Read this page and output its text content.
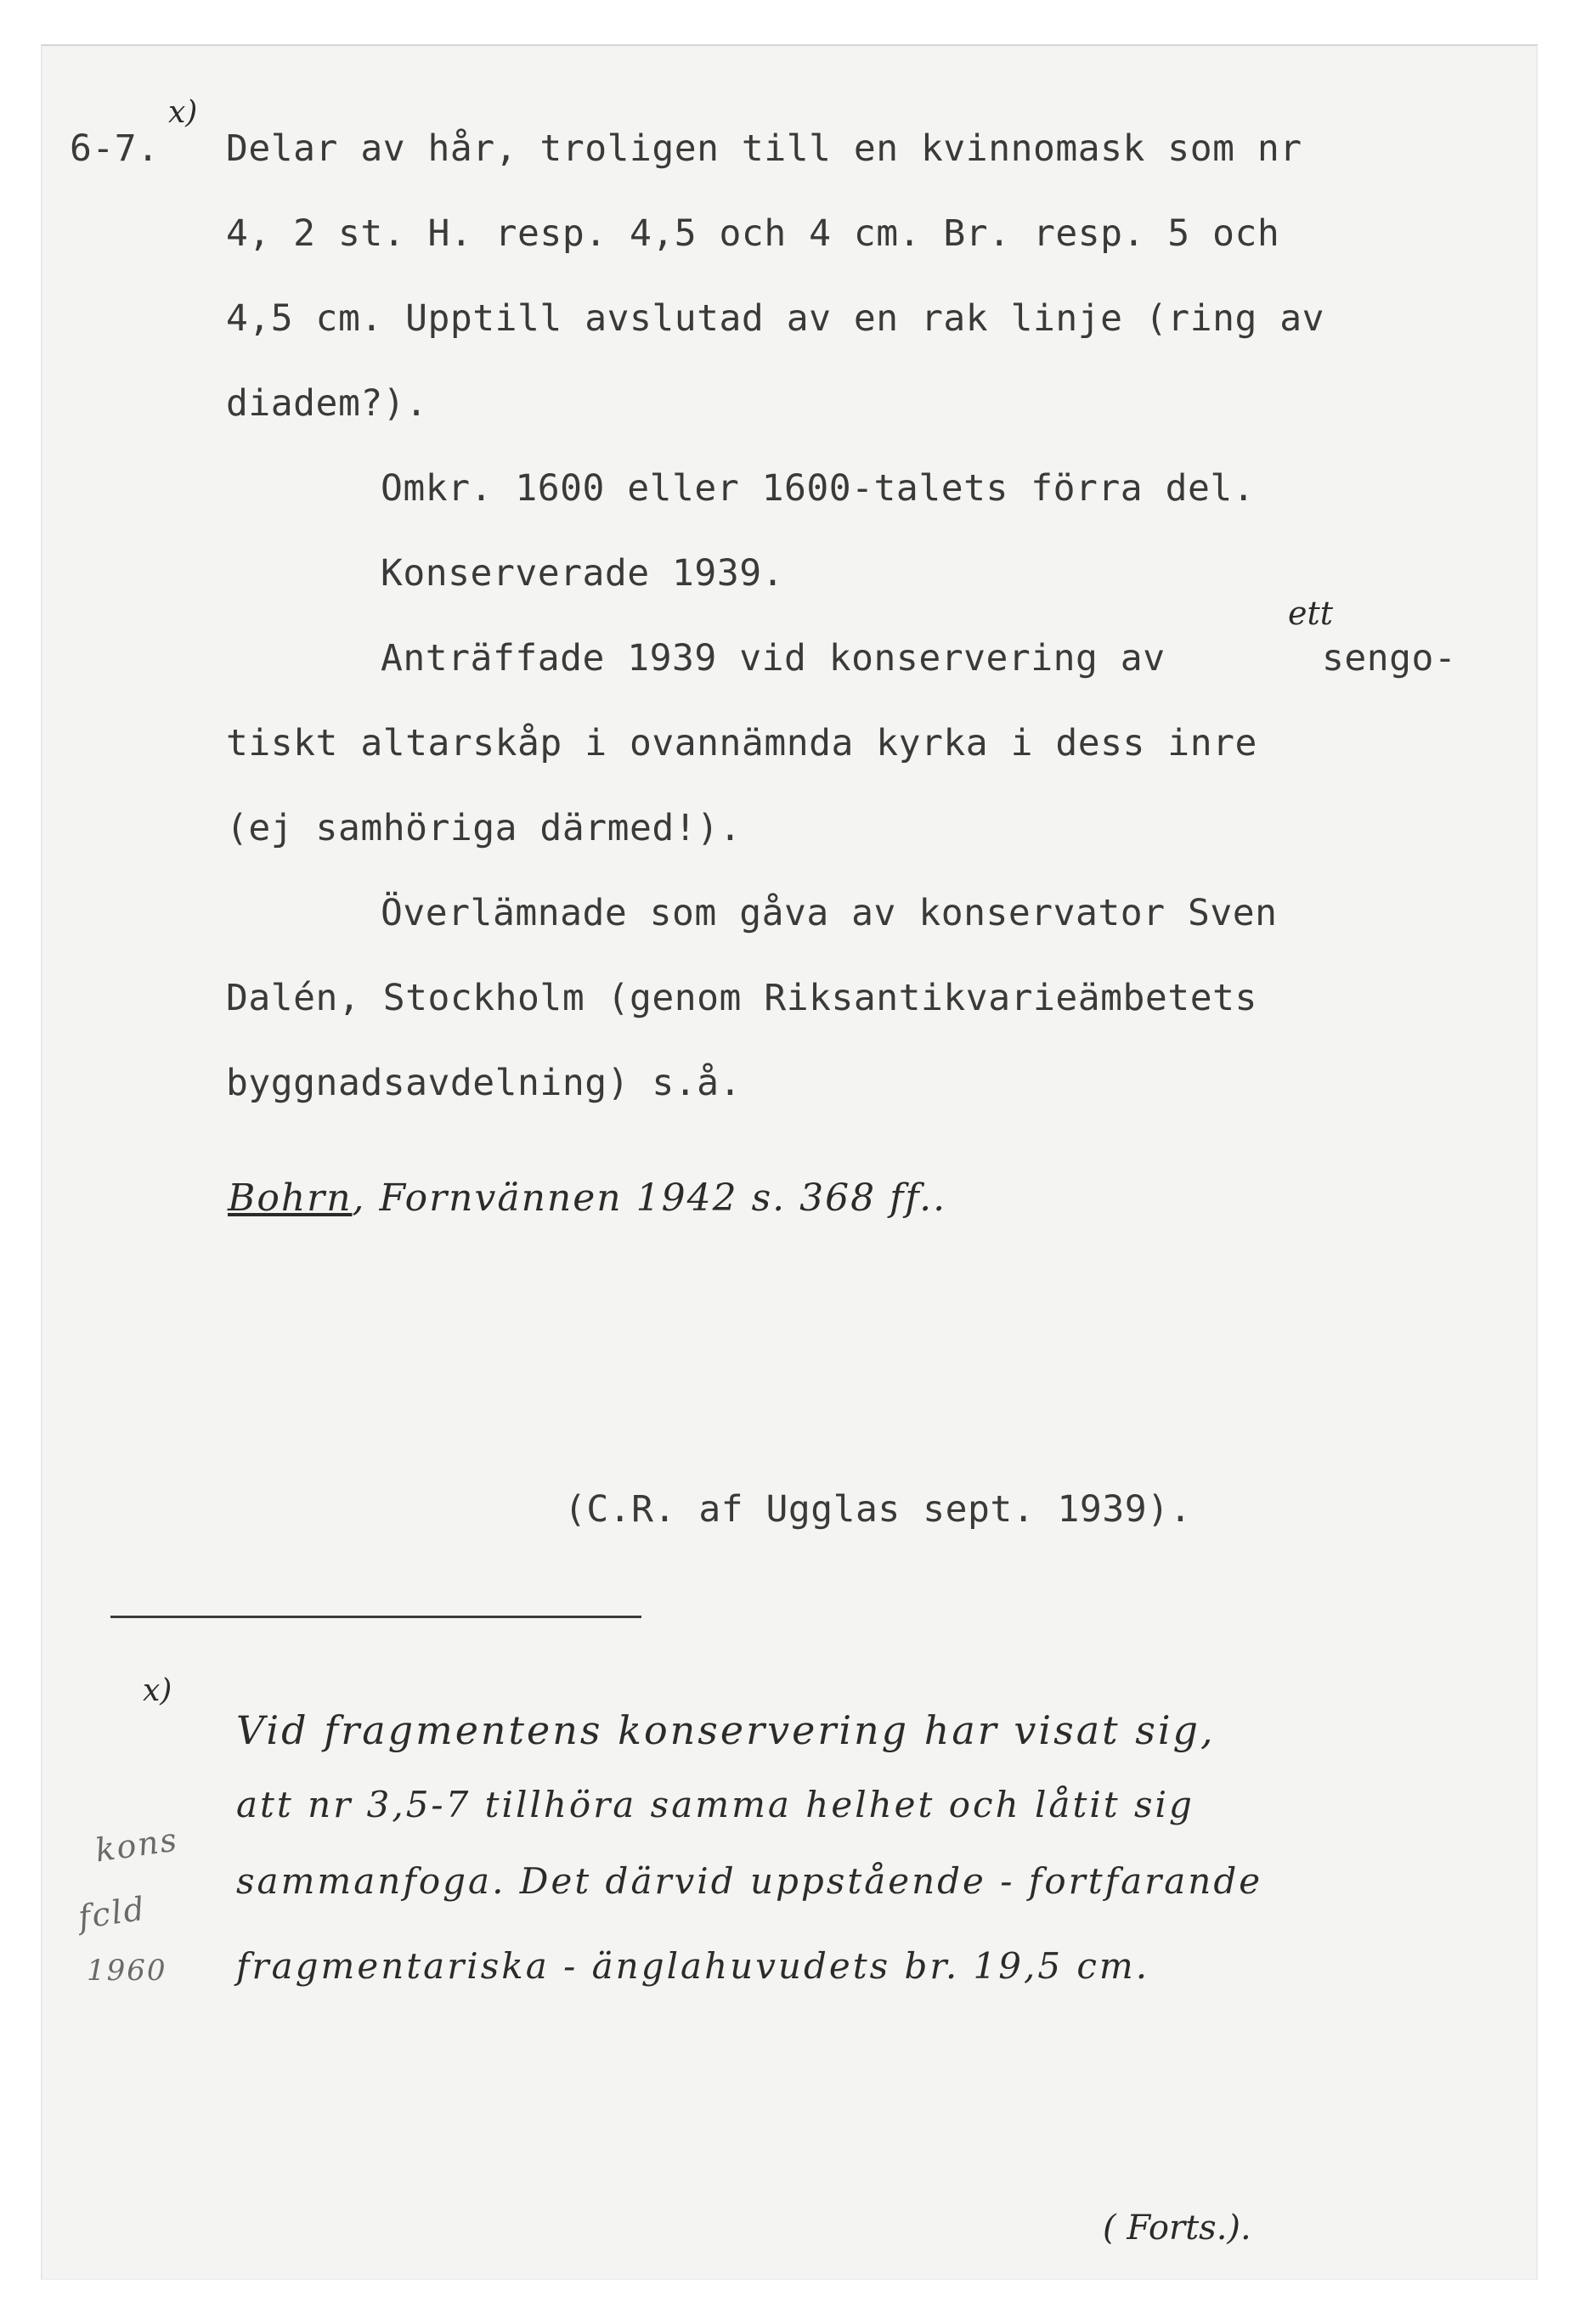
6-7.
x)
Delar av hår, troligen till en kvinnomask som nr
4, 2 st. H. resp. 4,5 och 4 cm. Br. resp. 5 och
4,5 cm. Upptill avslutad av en rak linje (ring av
diadem?).
Omkr. 1600 eller 1600-talets förra del.
Konserverade 1939.
Anträffade 1939 vid konservering av
ett
sengo-
tiskt altarskåp i ovannämnda kyrka i dess inre
(ej samhöriga därmed!).
Överlämnade som gåva av konservator Sven
Dalén, Stockholm (genom Riksantikvarieämbetets
byggnadsavdelning) s.å.
Bohrn, Fornvännen 1942 s. 368 ff..
(C.R. af Ugglas sept. 1939).
x)
Vid fragmentens konservering har visat sig,
att nr 3,5-7 tillhöra samma helhet och låtit sig
sammanfoga. Det därvid uppstående - fortfarande
fragmentariska - änglahuvudets br. 19,5 cm.
kons
fcld
1960
( Forts.).
